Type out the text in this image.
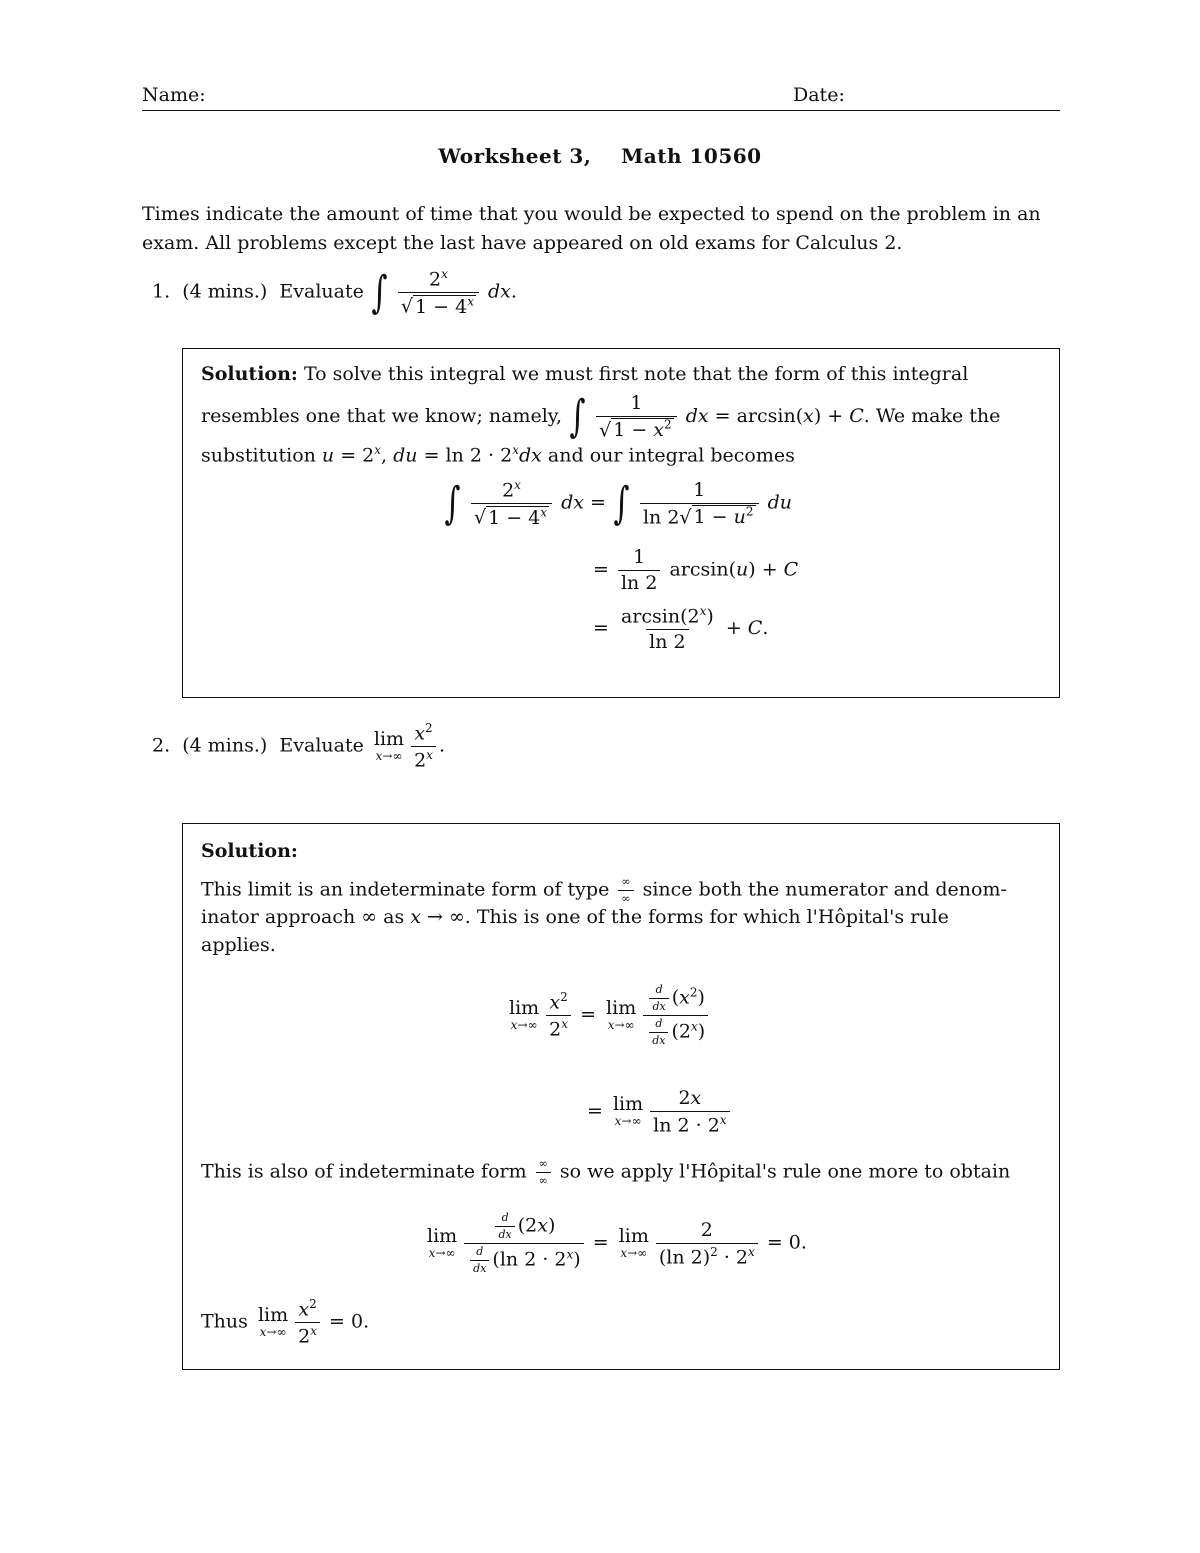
Name:	Date:
Worksheet 3,    Math 10560
Times indicate the amount of time that you would be expected to spend on the problem in an exam. All problems except the last have appeared on old exams for Calculus 2.
1. (4 mins.) Evaluate ∫ $\frac{2^x}{√ 1 - 4^x}$ dx.
Solution: To solve this integral we must first note that the form of this integral
resembles one that we know; namely, ∫ $\frac{1}{√ 1 - x^2}$ dx = arcsin(x) + C. We make the
substitution $u = 2^x$, du = $\ln 2 \cdot 2^xdx$ and our integral becomes
∫ $\frac{2^x}{√ 1 - 4^x}$ dx = ∫ $\frac{1}{\ln 2√ 1 - u^2}$ du
= $\frac{1}{\ln 2} \arcsin(u) + C$
= $\frac{\arcsin(2^x)}{\ln 2} + C$.
2. (4 mins.) Evaluate lim
$x\to\infty \frac{x^2}{2^x}$ .
Solution:
This limit is an indeterminate form of type $\frac{\infty}{\infty}$ since both the numerator and denom-
inator approach ∞ as x → ∞. This is one of the forms for which l'Hôpital's rule
applies.
lim
$x\to\infty \frac{x^2}{2^x} = \lim$
$x\to\infty \frac{\frac{d}{dx} (x^2)}{\frac{d}{dx} (2^x)}$
= lim
$x\to\infty \frac{2x}{\ln 2 \cdot 2^x}$
This is also of indeterminate form $\frac{\infty}{\infty}$ so we apply l'Hôpital's rule one more to obtain
lim
$x\to\infty \frac{\frac{d}{dx} (2x)}{\frac{d}{dx} (\ln 2 \cdot 2^x)} = \lim$
$x\to\infty \frac{2}{(\ln 2)^2 \cdot 2^x} = 0$.
Thus lim
$x\to\infty \frac{x^2}{2^x} = 0$.
